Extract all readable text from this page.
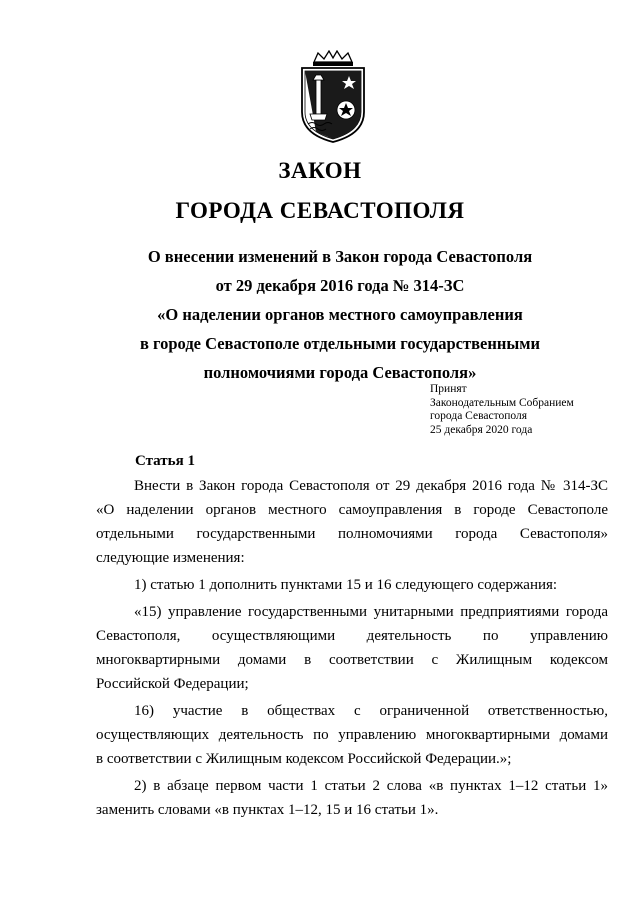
ЗАКОН
ГОРОДА СЕВАСТОПОЛЯ
О внесении изменений в Закон города Севастополя
от 29 декабря 2016 года № 314-ЗС
«О наделении органов местного самоуправления
в городе Севастополе отдельными государственными
полномочиями города Севастополя»
Принят
Законодательным Собранием
города Севастополя
25 декабря 2020 года
Статья 1

Внести в Закон города Севастополя от 29 декабря 2016 года № 314-ЗС

«О наделении органов местного самоуправления в городе Севастополе

отдельными государственными полномочиями города Севастополя»

следующие изменения:

1) статью 1 дополнить пунктами 15 и 16 следующего содержания:

«15) управление государственными унитарными предприятиями города

Севастополя, осуществляющими деятельность по управлению

многоквартирными домами в соответствии с Жилищным кодексом

Российской Федерации;

16) участие в обществах с ограниченной ответственностью,

осуществляющих деятельность по управлению многоквартирными домами

в соответствии с Жилищным кодексом Российской Федерации.»;

2) в абзаце первом части 1 статьи 2 слова «в пунктах 1–12 статьи 1»

заменить словами «в пунктах 1–12, 15 и 16 статьи 1».
